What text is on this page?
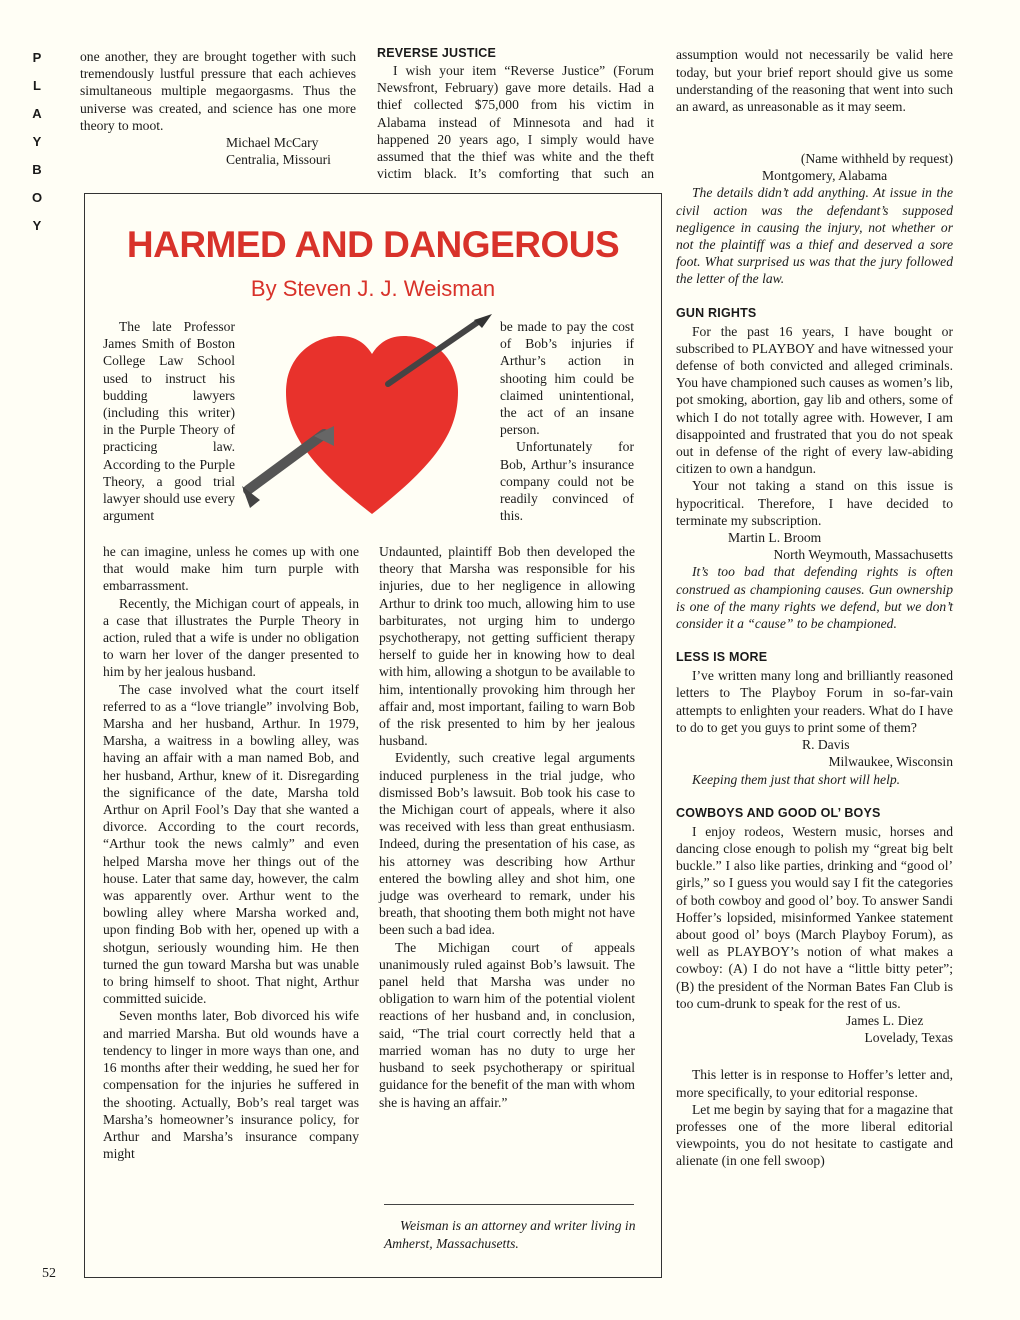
P
L
A
Y
B
O
Y

one another, they are brought together with such tremendously lustful pressure that each achieves simultaneous multiple megaorgasms. Thus the universe was created, and science has one more theory to moot.

Michael McCary
Centralia, Missouri

REVERSE JUSTICE

I wish your item “Reverse Justice” (Forum Newsfront, February) gave more details. Had a thief collected $75,000 from his victim in Alabama instead of Minnesota and had it happened 20 years ago, I simply would have assumed that the thief was white and the theft victim black. It’s comforting that such an

assumption would not necessarily be valid here today, but your brief report should give us some understanding of the reasoning that went into such an award, as unreasonable as it may seem.

(Name withheld by request)
Montgomery, Alabama

The details didn’t add anything. At issue in the civil action was the defendant’s supposed negligence in causing the injury, not whether or not the plaintiff was a thief and deserved a sore foot. What surprised us was that the jury followed the letter of the law.

GUN RIGHTS

For the past 16 years, I have bought or subscribed to PLAYBOY and have witnessed your defense of both convicted and alleged criminals. You have championed such causes as women’s lib, pot smoking, abortion, gay lib and others, some of which I do not totally agree with. However, I am disappointed and frustrated that you do not speak out in defense of the right of every law-abiding citizen to own a handgun.

Your not taking a stand on this issue is hypocritical. Therefore, I have decided to terminate my subscription.

Martin L. Broom
North Weymouth, Massachusetts

It’s too bad that defending rights is often construed as championing causes. Gun ownership is one of the many rights we defend, but we don’t consider it a “cause” to be championed.

LESS IS MORE

I’ve written many long and brilliantly reasoned letters to The Playboy Forum in so-far-vain attempts to enlighten your readers. What do I have to do to get you guys to print some of them?

R. Davis
Milwaukee, Wisconsin

Keeping them just that short will help.

COWBOYS AND GOOD OL’ BOYS

I enjoy rodeos, Western music, horses and dancing close enough to polish my “great big belt buckle.” I also like parties, drinking and “good ol’ girls,” so I guess you would say I fit the categories of both cowboy and good ol’ boy. To answer Sandi Hoffer’s lopsided, misinformed Yankee statement about good ol’ boys (March Playboy Forum), as well as PLAYBOY’s notion of what makes a cowboy: (A) I do not have a “little bitty peter”; (B) the president of the Norman Bates Fan Club is too cum-drunk to speak for the rest of us.

James L. Diez
Lovelady, Texas

This letter is in response to Hoffer’s letter and, more specifically, to your editorial response.

Let me begin by saying that for a magazine that professes one of the more liberal editorial viewpoints, you do not hesitate to castigate and alienate (in one fell swoop)

HARMED AND DANGEROUS
By Steven J. J. Weisman

The late Professor James Smith of Boston College Law School used to instruct his budding lawyers (including this writer) in the Purple Theory of practicing law. According to the Purple Theory, a good trial lawyer should use every argument

he can imagine, unless he comes up with one that would make him turn purple with embarrassment.

Recently, the Michigan court of appeals, in a case that illustrates the Purple Theory in action, ruled that a wife is under no obligation to warn her lover of the danger presented to him by her jealous husband.

The case involved what the court itself referred to as a “love triangle” involving Bob, Marsha and her husband, Arthur. In 1979, Marsha, a waitress in a bowling alley, was having an affair with a man named Bob, and her husband, Arthur, knew of it. Disregarding the significance of the date, Marsha told Arthur on April Fool’s Day that she wanted a divorce. According to the court records, “Arthur took the news calmly” and even helped Marsha move her things out of the house. Later that same day, however, the calm was apparently over. Arthur went to the bowling alley where Marsha worked and, upon finding Bob with her, opened up with a shotgun, seriously wounding him. He then turned the gun toward Marsha but was unable to bring himself to shoot. That night, Arthur committed suicide.

Seven months later, Bob divorced his wife and married Marsha. But old wounds have a tendency to linger in more ways than one, and 16 months after their wedding, he sued her for compensation for the injuries he suffered in the shooting. Actually, Bob’s real target was Marsha’s homeowner’s insurance policy, for Arthur and Marsha’s insurance company might

be made to pay the cost of Bob’s injuries if Arthur’s action in shooting him could be claimed unintentional, the act of an insane person.

Unfortunately for Bob, Arthur’s insurance company could not be readily convinced of this.

Undaunted, plaintiff Bob then developed the theory that Marsha was responsible for his injuries, due to her negligence in allowing Arthur to drink too much, allowing him to use barbiturates, not urging him to undergo psychotherapy, not getting sufficient therapy herself to guide her in knowing how to deal with him, allowing a shotgun to be available to him, intentionally provoking him through her affair and, most important, failing to warn Bob of the risk presented to him by her jealous husband.

Evidently, such creative legal arguments induced purpleness in the trial judge, who dismissed Bob’s lawsuit. Bob took his case to the Michigan court of appeals, where it also was received with less than great enthusiasm. Indeed, during the presentation of his case, as his attorney was describing how Arthur entered the bowling alley and shot him, one judge was overheard to remark, under his breath, that shooting them both might not have been such a bad idea.

The Michigan court of appeals unanimously ruled against Bob’s lawsuit. The panel held that Marsha was under no obligation to warn him of the potential violent reactions of her husband and, in conclusion, said, “The trial court correctly held that a married woman has no duty to urge her husband to seek psychotherapy or spiritual guidance for the benefit of the man with whom she is having an affair.”

Weisman is an attorney and writer living in Amherst, Massachusetts.
52
